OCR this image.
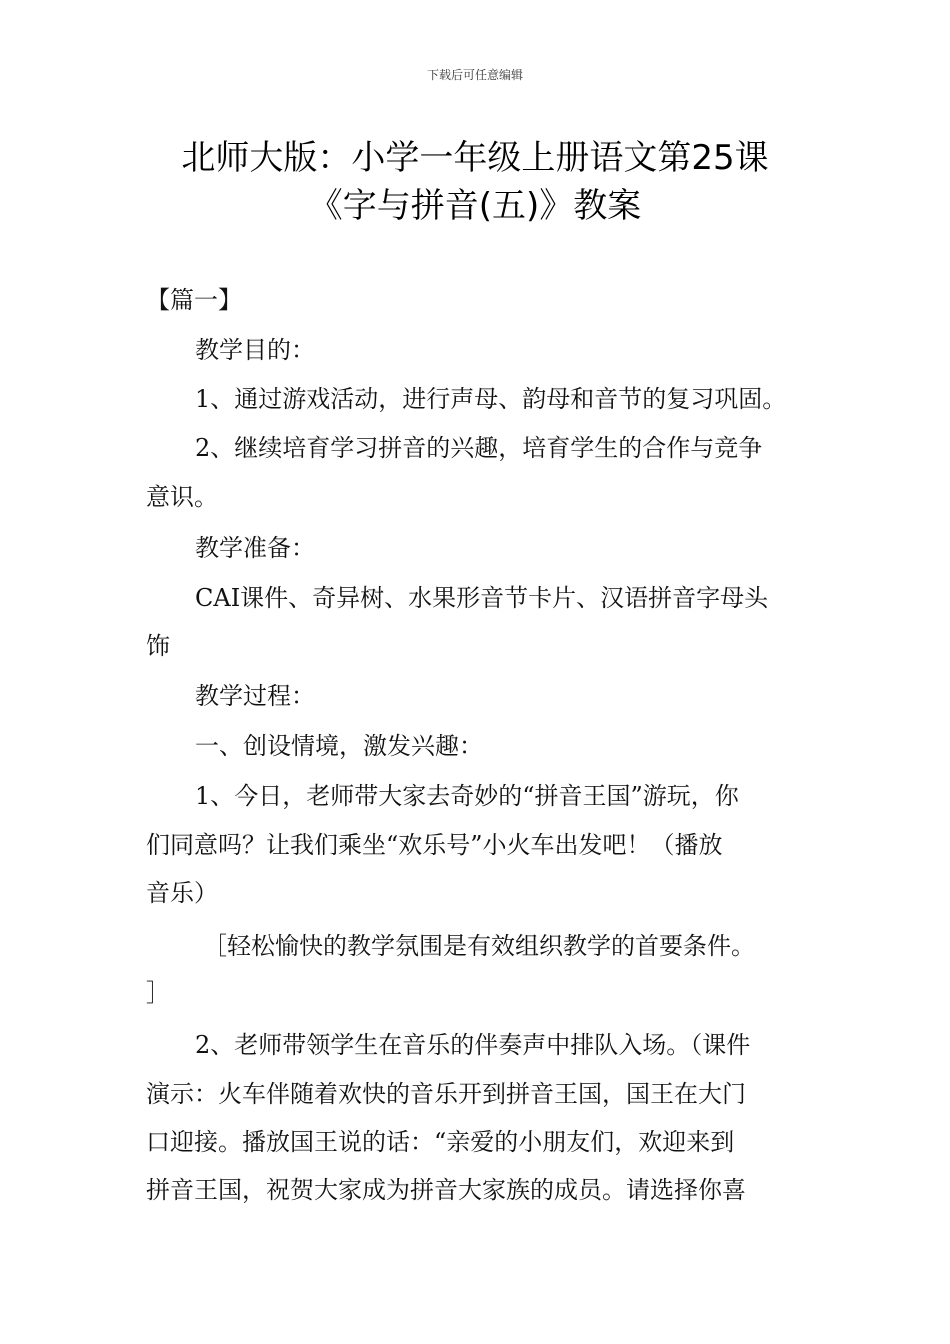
下载后可任意编辑
北师大版：小学一年级上册语文第25课
《字与拼音(五)》教案
【篇一】
教学目的：
1、通过游戏活动，进行声母、韵母和音节的复习巩固。
2、继续培育学习拼音的兴趣，培育学生的合作与竞争
意识。
教学准备：
CAI课件、奇异树、水果形音节卡片、汉语拼音字母头
饰
教学过程：
一、创设情境，激发兴趣：
1、今日，老师带大家去奇妙的“拼音王国”游玩，你
们同意吗？让我们乘坐“欢乐号”小火车出发吧！（播放
音乐）
［轻松愉快的教学氛围是有效组织教学的首要条件。
］
2、老师带领学生在音乐的伴奏声中排队入场。（课件
演示：火车伴随着欢快的音乐开到拼音王国，国王在大门
口迎接。播放国王说的话：“亲爱的小朋友们，欢迎来到
拼音王国，祝贺大家成为拼音大家族的成员。请选择你喜
